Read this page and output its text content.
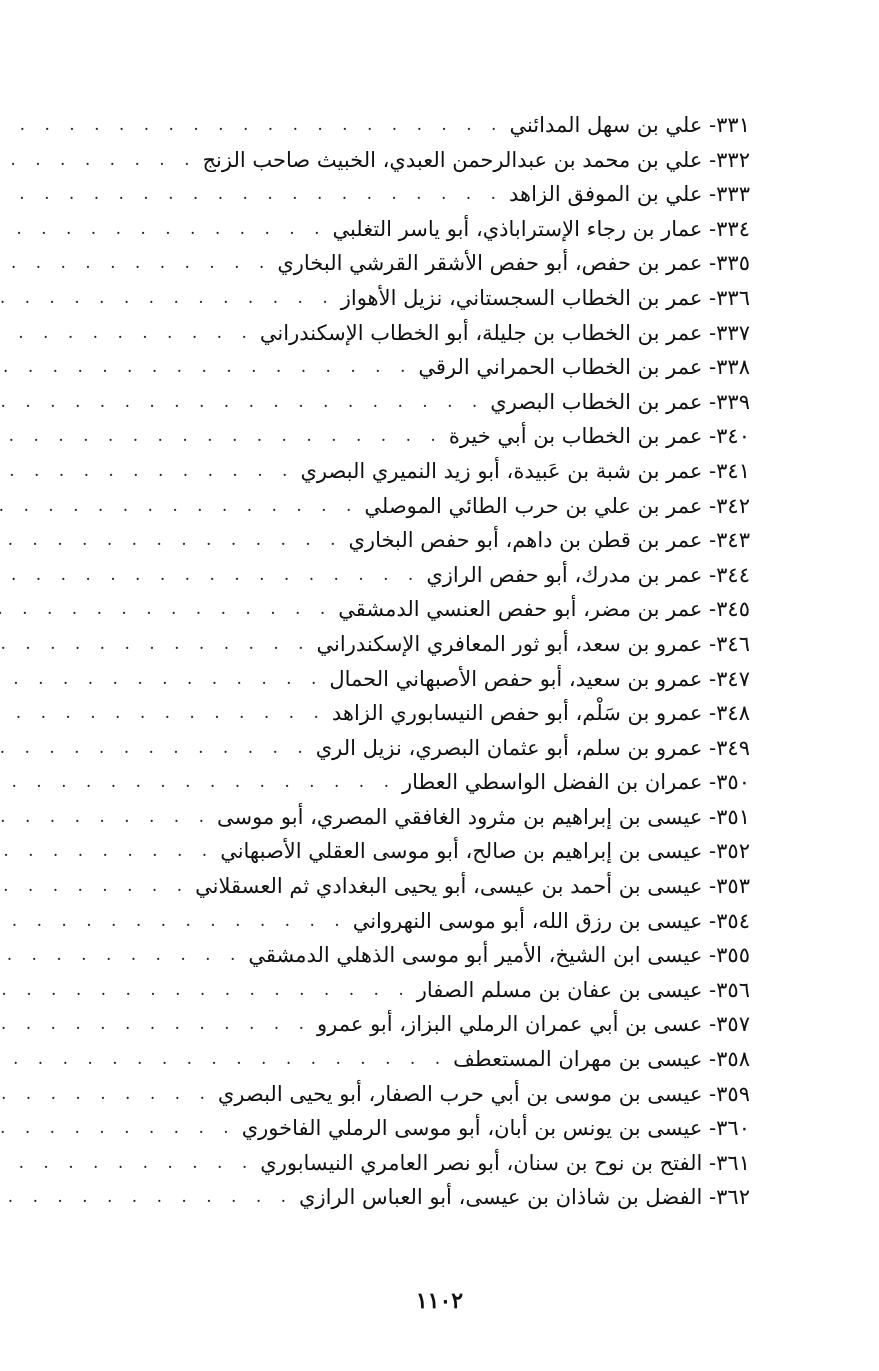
٣٣١- علي بن سهل المدائني
. . .
٣٣٢- علي بن محمد بن عبدالرحمن العبدي، الخبيث صاحب الزنج
. . .
٣٣٣- علي بن الموفق الزاهد
. . .
٣٣٤- عمار بن رجاء الإستراباذي، أبو ياسر التغلبي
. . .
٣٣٥- عمر بن حفص، أبو حفص الأشقر القرشي البخاري
. . .
٣٣٦- عمر بن الخطاب السجستاني، نزيل الأهواز
. . .
٣٣٧- عمر بن الخطاب بن جليلة، أبو الخطاب الإسكندراني
. . .
٣٣٨- عمر بن الخطاب الحمراني الرقي
. . .
٣٣٩- عمر بن الخطاب البصري
. . .
٣٤٠- عمر بن الخطاب بن أبي خيرة
. . .
٣٤١- عمر بن شبة بن عَبيدة، أبو زيد النميري البصري
. . .
٣٤٢- عمر بن علي بن حرب الطائي الموصلي
. . .
٣٤٣- عمر بن قطن بن داهم، أبو حفص البخاري
. . .
٣٤٤- عمر بن مدرك، أبو حفص الرازي
. . .
٣٤٥- عمر بن مضر، أبو حفص العنسي الدمشقي
. . .
٣٤٦- عمرو بن سعد، أبو ثور المعافري الإسكندراني
. . .
٣٤٧- عمرو بن سعيد، أبو حفص الأصبهاني الحمال
. . .
٣٤٨- عمرو بن سَلْم، أبو حفص النيسابوري الزاهد
. . .
٣٤٩- عمرو بن سلم، أبو عثمان البصري، نزيل الري
. . .
٣٥٠- عمران بن الفضل الواسطي العطار
. . .
٣٥١- عيسى بن إبراهيم بن مثرود الغافقي المصري، أبو موسى
. . .
٣٥٢- عيسى بن إبراهيم بن صالح، أبو موسى العقلي الأصبهاني
. . .
٣٥٣- عيسى بن أحمد بن عيسى، أبو يحيى البغدادي ثم العسقلاني
. . .
٣٥٤- عيسى بن رزق الله، أبو موسى النهرواني
. . .
٣٥٥- عيسى ابن الشيخ، الأمير أبو موسى الذهلي الدمشقي
. . .
٣٥٦- عيسى بن عفان بن مسلم الصفار
. . .
٣٥٧- عسى بن أبي عمران الرملي البزاز، أبو عمرو
. . .
٣٥٨- عيسى بن مهران المستعطف
. . .
٣٥٩- عيسى بن موسى بن أبي حرب الصفار، أبو يحيى البصري
. . .
٣٦٠- عيسى بن يونس بن أبان، أبو موسى الرملي الفاخوري
. . .
٣٦١- الفتح بن نوح بن سنان، أبو نصر العامري النيسابوري
. . .
٣٦٢- الفضل بن شاذان بن عيسى، أبو العباس الرازي
. . .
١١٠٢
